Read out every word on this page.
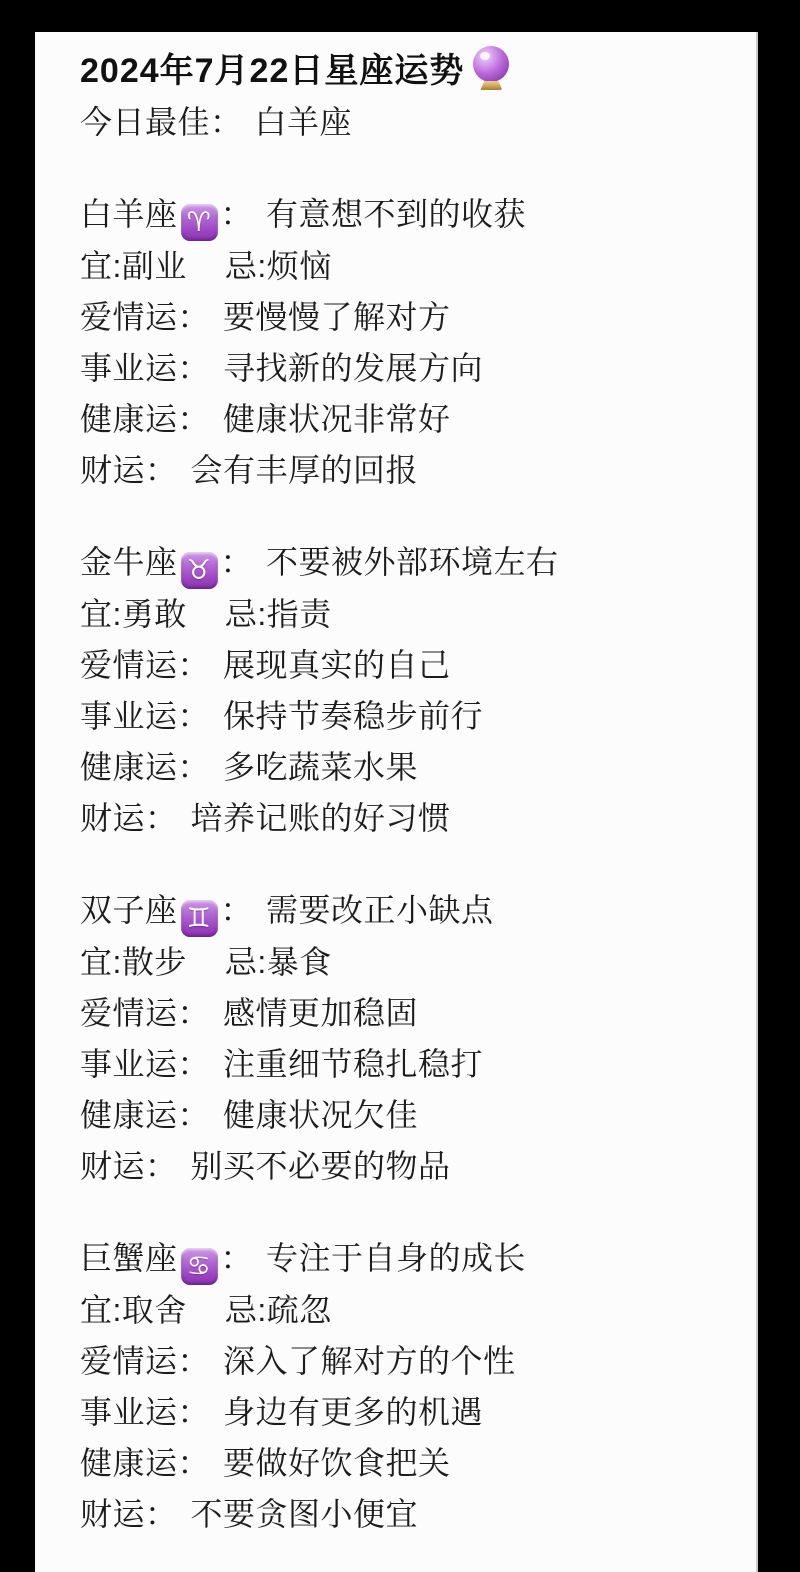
2024年7月22日星座运势
今日最佳： 白羊座
白羊座 ♈ ： 有意想不到的收获
宜:副业 忌:烦恼
爱情运： 要慢慢了解对方
事业运： 寻找新的发展方向
健康运： 健康状况非常好
财运： 会有丰厚的回报
金牛座 ♉ ： 不要被外部环境左右
宜:勇敢 忌:指责
爱情运： 展现真实的自己
事业运： 保持节奏稳步前行
健康运： 多吃蔬菜水果
财运： 培养记账的好习惯
双子座 ♊ ： 需要改正小缺点
宜:散步 忌:暴食
爱情运： 感情更加稳固
事业运： 注重细节稳扎稳打
健康运： 健康状况欠佳
财运： 别买不必要的物品
巨蟹座 ♋ ： 专注于自身的成长
宜:取舍 忌:疏忽
爱情运： 深入了解对方的个性
事业运： 身边有更多的机遇
健康运： 要做好饮食把关
财运： 不要贪图小便宜
